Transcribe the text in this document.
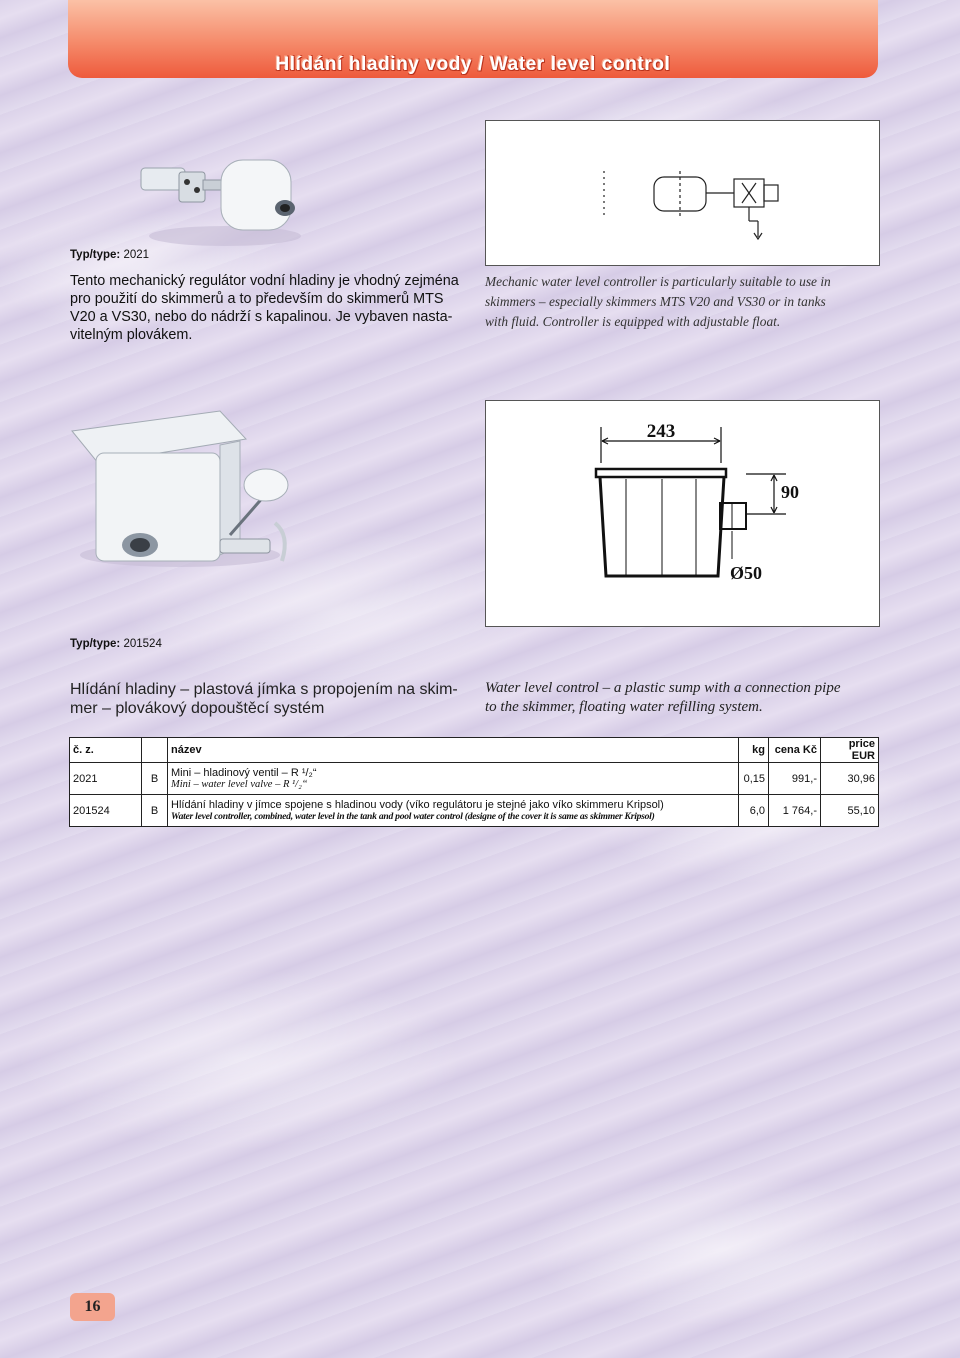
Hlídání hladiny vody / Water level control
Typ/type: 2021
Tento mechanický regulátor vodní hladiny je vhodný zejména
pro použití do skimmerů a to především do skimmerů MTS
V20 a VS30, nebo do nádrží s kapalinou. Je vybaven nasta-
vitelným plovákem.
Mechanic water level controller is particularly suitable to use in
skimmers – especially skimmers MTS V20 and VS30 or in tanks
with fluid. Controller is equipped with adjustable float.
243
90
Ø50
Typ/type: 201524
Hlídání hladiny – plastová jímka s propojením na skim-
mer – plovákový dopouštěcí systém
Water level control – a plastic sump with a connection pipe
to the skimmer, floating water refilling system.
č. z.		název	kg	cena Kč	price EUR
2021	B	Mini – hladinový ventil – R ¹/₂“
Mini – water level valve – R ¹/₂“	0,15	991,-	30,96
201524	B	Hlídání hladiny v jímce spojene s hladinou vody (víko regulátoru je stejné jako víko skimmeru Kripsol)
Water level controller, combined, water level in the tank and pool water control (designe of the cover it is same as skimmer Kripsol)	6,0	1 764,-	55,10
16
